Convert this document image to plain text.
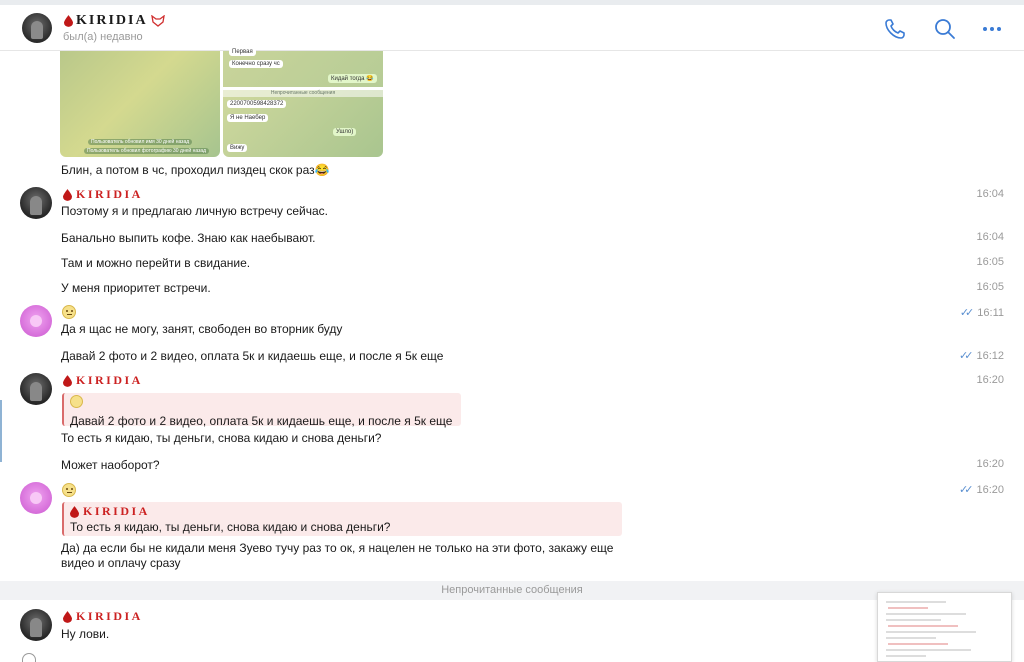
KIRIDIA
был(а) недавно
Пользователь обновил имя 30 дней назад
Пользователь обновил фотографию 30 дней назад
Первая
Конечно сразу чс
Кидай тогда 😂
Непрочитанные сообщения
2200700598428372
Я не Наебер
Ушло)
Вижу
Блин, а потом в чс, проходил пиздец скок раз😂
KIRIDIA
Поэтому я и предлагаю личную встречу сейчас.
16:04
Банально выпить кофе. Знаю как наебывают.	16:04
Там и можно перейти в свидание.	16:05
У меня приоритет встречи.	16:05
Да я щас не могу, занят, свободен во вторник буду
✓✓ 16:11
Давай 2 фото и 2 видео, оплата 5к и кидаешь еще, и после я 5к еще	✓✓ 16:12
KIRIDIA	16:20
Давай 2 фото и 2 видео, оплата 5к и кидаешь еще, и после я 5к еще
То есть я кидаю, ты деньги, снова кидаю и снова деньги?
Может наоборот?	16:20
✓✓ 16:20
KIRIDIA
То есть я кидаю, ты деньги, снова кидаю и снова деньги?
Да) да если бы не кидали меня Зуево тучу раз то ок, я нацелен не только на эти фото, закажу еще
видео и оплачу сразу
Непрочитанные сообщения
KIRIDIA
Ну лови.
